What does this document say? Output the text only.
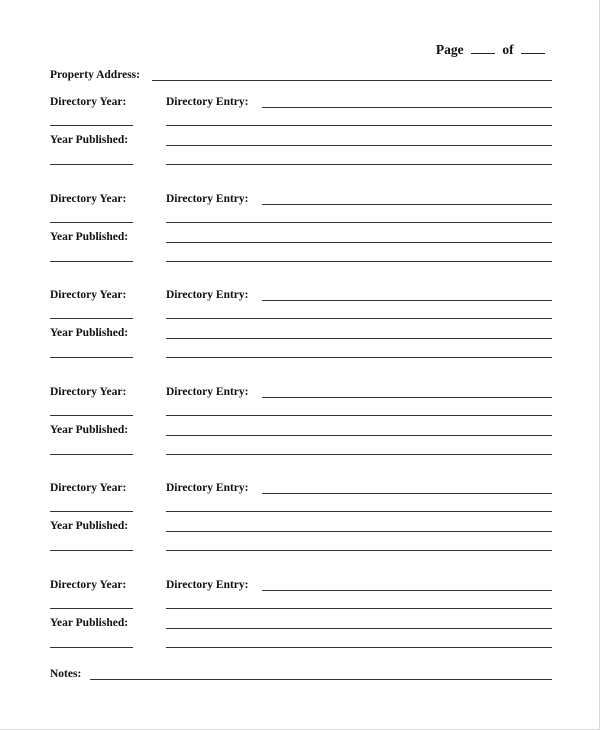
Page	of
Property Address:
Directory Year:	Directory Entry:
Year Published:
Directory Year:	Directory Entry:
Year Published:
Directory Year:	Directory Entry:
Year Published:
Directory Year:	Directory Entry:
Year Published:
Directory Year:	Directory Entry:
Year Published:
Directory Year:	Directory Entry:
Year Published:
Notes:
